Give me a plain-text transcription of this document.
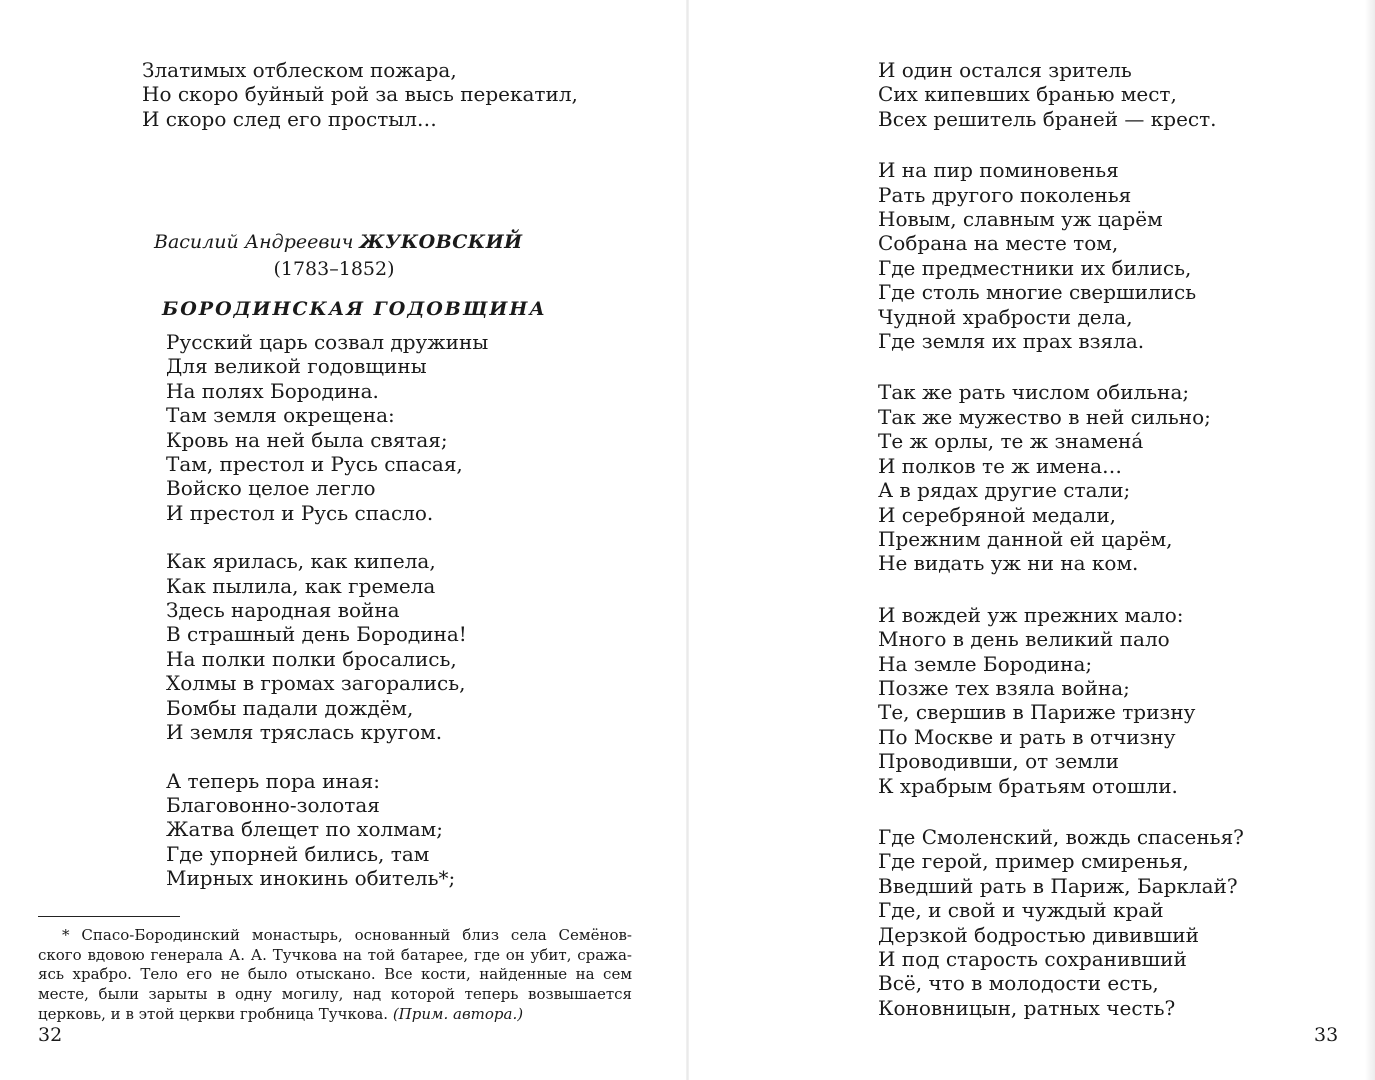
Златимых отблеском пожара,
Но скоро буйный рой за высь перекатил,
И скоро след его простыл…
Василий Андреевич ЖУКОВСКИЙ
(1783–1852)
БОРОДИНСКАЯ ГОДОВЩИНА
Русский царь созвал дружины
Для великой годовщины
На полях Бородина.
Там земля окрещена:
Кровь на ней была святая;
Там, престол и Русь спасая,
Войско целое легло
И престол и Русь спасло.
Как ярилась, как кипела,
Как пылила, как гремела
Здесь народная война
В страшный день Бородина!
На полки полки бросались,
Холмы в громах загорались,
Бомбы падали дождём,
И земля тряслась кругом.
А теперь пора иная:
Благовонно-золотая
Жатва блещет по холмам;
Где упорней бились, там
Мирных инокинь обитель*;
* Спасо-Бородинский монастырь, основанный близ села Семёнов- ского вдовою генерала А. А. Тучкова на той батарее, где он убит, сража- ясь храбро. Тело его не было отыскано. Все кости, найденные на сем месте, были зарыты в одну могилу, над которой теперь возвышается церковь, и в этой церкви гробница Тучкова. (Прим. автора.)
32
И один остался зритель
Сих кипевших бранью мест,
Всех решитель браней — крест.
И на пир поминовенья
Рать другого поколенья
Новым, славным уж царём
Собрана на месте том,
Где предместники их бились,
Где столь многие свершились
Чудной храбрости дела,
Где земля их прах взяла.
Так же рать числом обильна;
Так же мужество в ней сильно;
Те ж орлы, те ж знамена́
И полков те ж имена…
А в рядах другие стали;
И серебряной медали,
Прежним данной ей царём,
Не видать уж ни на ком.
И вождей уж прежних мало:
Много в день великий пало
На земле Бородина;
Позже тех взяла война;
Те, свершив в Париже тризну
По Москве и рать в отчизну
Проводивши, от земли
К храбрым братьям отошли.
Где Смоленский, вождь спасенья?
Где герой, пример смиренья,
Введший рать в Париж, Барклай?
Где, и свой и чуждый край
Дерзкой бодростью дививший
И под старость сохранивший
Всё, что в молодости есть,
Коновницын, ратных честь?
33
